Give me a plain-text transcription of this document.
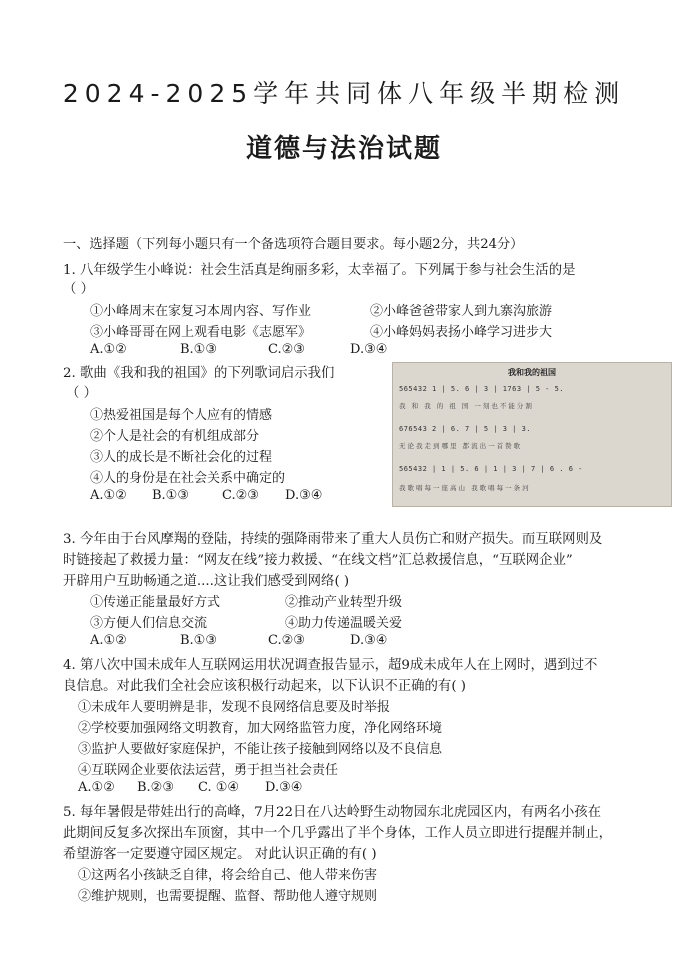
2024-2025学年共同体八年级半期检测
道德与法治试题
一、选择题（下列每小题只有一个备选项符合题目要求。每小题2分，共24分）
1. 八年级学生小峰说：社会生活真是绚丽多彩，太幸福了。下列属于参与社会生活的是
（ ）
①小峰周末在家复习本周内容、写作业	②小峰爸爸带家人到九寨沟旅游
③小峰哥哥在网上观看电影《志愿军》	④小峰妈妈表扬小峰学习进步大
A.①②	B.①③	C.②③	D.③④
2. 歌曲《我和我的祖国》的下列歌词启示我们
（ ）
①热爱祖国是每个人应有的情感
②个人是社会的有机组成部分
③人的成长是不断社会化的过程
④人的身份是在社会关系中确定的
A.①② B.①③	C.②③ D.③④
我和我的祖国
565432 1 | 5. 6 | 3 | 1763 | 5 - 5.
我 和 我 的 祖 国 一刻也不能分割
676543 2 | 6. 7 | 5 | 3 | 3.
无论我走到哪里 都流出一首赞歌
565432 | 1 | 5. 6 | 1 | 3 | 7 | 6 . 6 -
我歌唱每一座高山 我歌唱每一条河
3. 今年由于台风摩羯的登陆，持续的强降雨带来了重大人员伤亡和财产损失。而互联网则及
时链接起了救援力量：“网友在线”接力救援、“在线文档”汇总救援信息，“互联网企业”
开辟用户互助畅通之道....这让我们感受到网络( )
①传递正能量最好方式	②推动产业转型升级
③方便人们信息交流	④助力传递温暖关爱
A.①②	B.①③	C.②③	D.③④
4. 第八次中国未成年人互联网运用状况调查报告显示，超9成未成年人在上网时，遇到过不
良信息。对此我们全社会应该积极行动起来，以下认识不正确的有( )
①未成年人要明辨是非，发现不良网络信息要及时举报
②学校要加强网络文明教育，加大网络监管力度，净化网络环境
③监护人要做好家庭保护，不能让孩子接触到网络以及不良信息
④互联网企业要依法运营，勇于担当社会责任
A.①② B.②③ C. ①④ D.③④
5. 每年暑假是带娃出行的高峰，7月22日在八达岭野生动物园东北虎园区内，有两名小孩在
此期间反复多次探出车顶窗，其中一个几乎露出了半个身体，工作人员立即进行提醒并制止，
希望游客一定要遵守园区规定。 对此认识正确的有( )
①这两名小孩缺乏自律，将会给自己、他人带来伤害
②维护规则，也需要提醒、监督、帮助他人遵守规则
